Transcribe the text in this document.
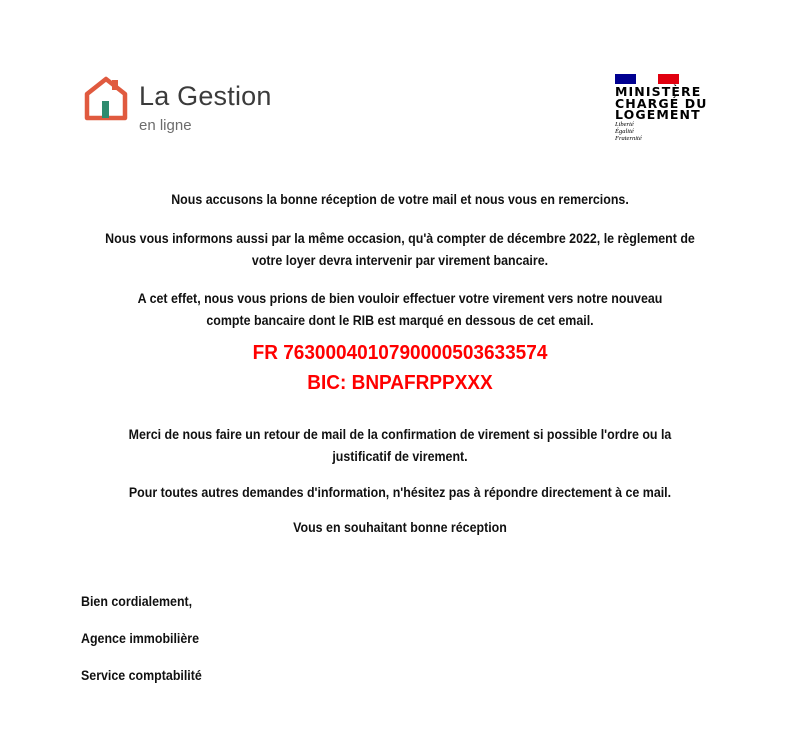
La Gestion
en ligne
MINISTÈRE
CHARGÉ DU
LOGEMENT
Liberté
Égalité
Fraternité
Nous accusons la bonne réception de votre mail et nous vous en remercions.
Nous vous informons aussi par la même occasion, qu'à compter de décembre 2022, le règlement de votre loyer devra intervenir par virement bancaire.
A cet effet, nous vous prions de bien vouloir effectuer votre virement vers notre nouveau compte bancaire dont le RIB est marqué en dessous de cet email.
FR 7630004010790000503633574
BIC: BNPAFRPPXXX
Merci de nous faire un retour de mail de la confirmation de virement si possible l'ordre ou la justificatif de virement.
Pour toutes autres demandes d'information, n'hésitez pas à répondre directement à ce mail.
Vous en souhaitant bonne réception
Bien cordialement,
Agence immobilière
Service comptabilité
